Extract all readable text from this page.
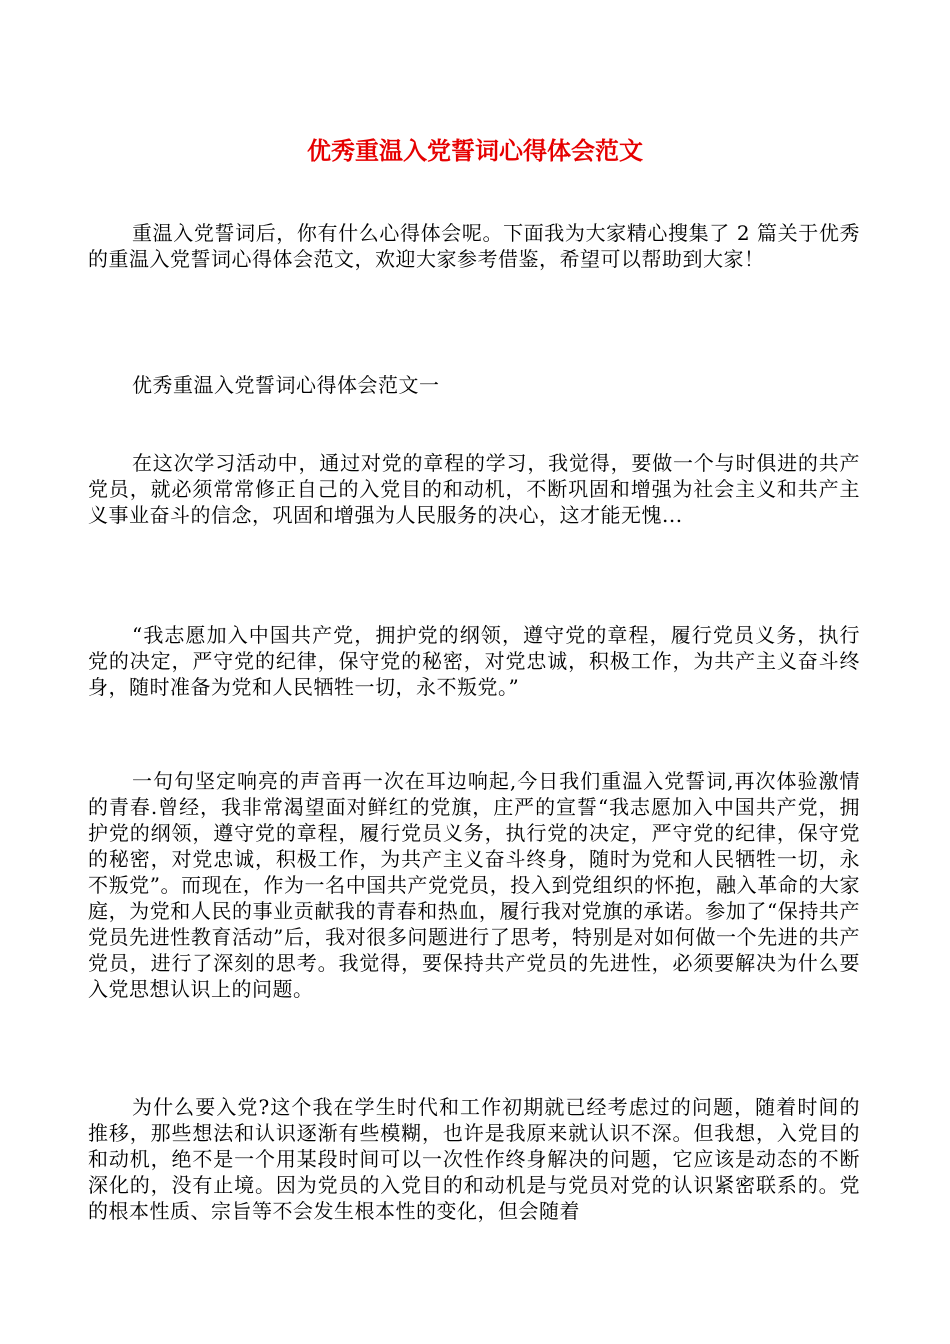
优秀重温入党誓词心得体会范文

重温入党誓词后，你有什么心得体会呢。下面我为大家精心搜集了 2 篇关于优秀的重温入党誓词心得体会范文，欢迎大家参考借鉴，希望可以帮助到大家！

优秀重温入党誓词心得体会范文一

在这次学习活动中，通过对党的章程的学习，我觉得，要做一个与时俱进的共产党员，就必须常常修正自己的入党目的和动机，不断巩固和增强为社会主义和共产主义事业奋斗的信念，巩固和增强为人民服务的决心，这才能无愧...

“我志愿加入中国共产党，拥护党的纲领，遵守党的章程，履行党员义务，执行党的决定，严守党的纪律，保守党的秘密，对党忠诚，积极工作，为共产主义奋斗终身，随时准备为党和人民牺牲一切，永不叛党。”

一句句坚定响亮的声音再一次在耳边响起,今日我们重温入党誓词,再次体验激情的青春.曾经，我非常渴望面对鲜红的党旗，庄严的宣誓“我志愿加入中国共产党，拥护党的纲领，遵守党的章程，履行党员义务，执行党的决定，严守党的纪律，保守党的秘密，对党忠诚，积极工作，为共产主义奋斗终身，随时为党和人民牺牲一切，永不叛党”。而现在，作为一名中国共产党党员，投入到党组织的怀抱，融入革命的大家庭，为党和人民的事业贡献我的青春和热血，履行我对党旗的承诺。参加了“保持共产党员先进性教育活动”后，我对很多问题进行了思考，特别是对如何做一个先进的共产党员，进行了深刻的思考。我觉得，要保持共产党员的先进性，必须要解决为什么要入党思想认识上的问题。

为什么要入党?这个我在学生时代和工作初期就已经考虑过的问题，随着时间的推移，那些想法和认识逐渐有些模糊，也许是我原来就认识不深。但我想，入党目的和动机，绝不是一个用某段时间可以一次性作终身解决的问题，它应该是动态的不断深化的，没有止境。因为党员的入党目的和动机是与党员对党的认识紧密联系的。党的根本性质、宗旨等不会发生根本性的变化，但会随着
